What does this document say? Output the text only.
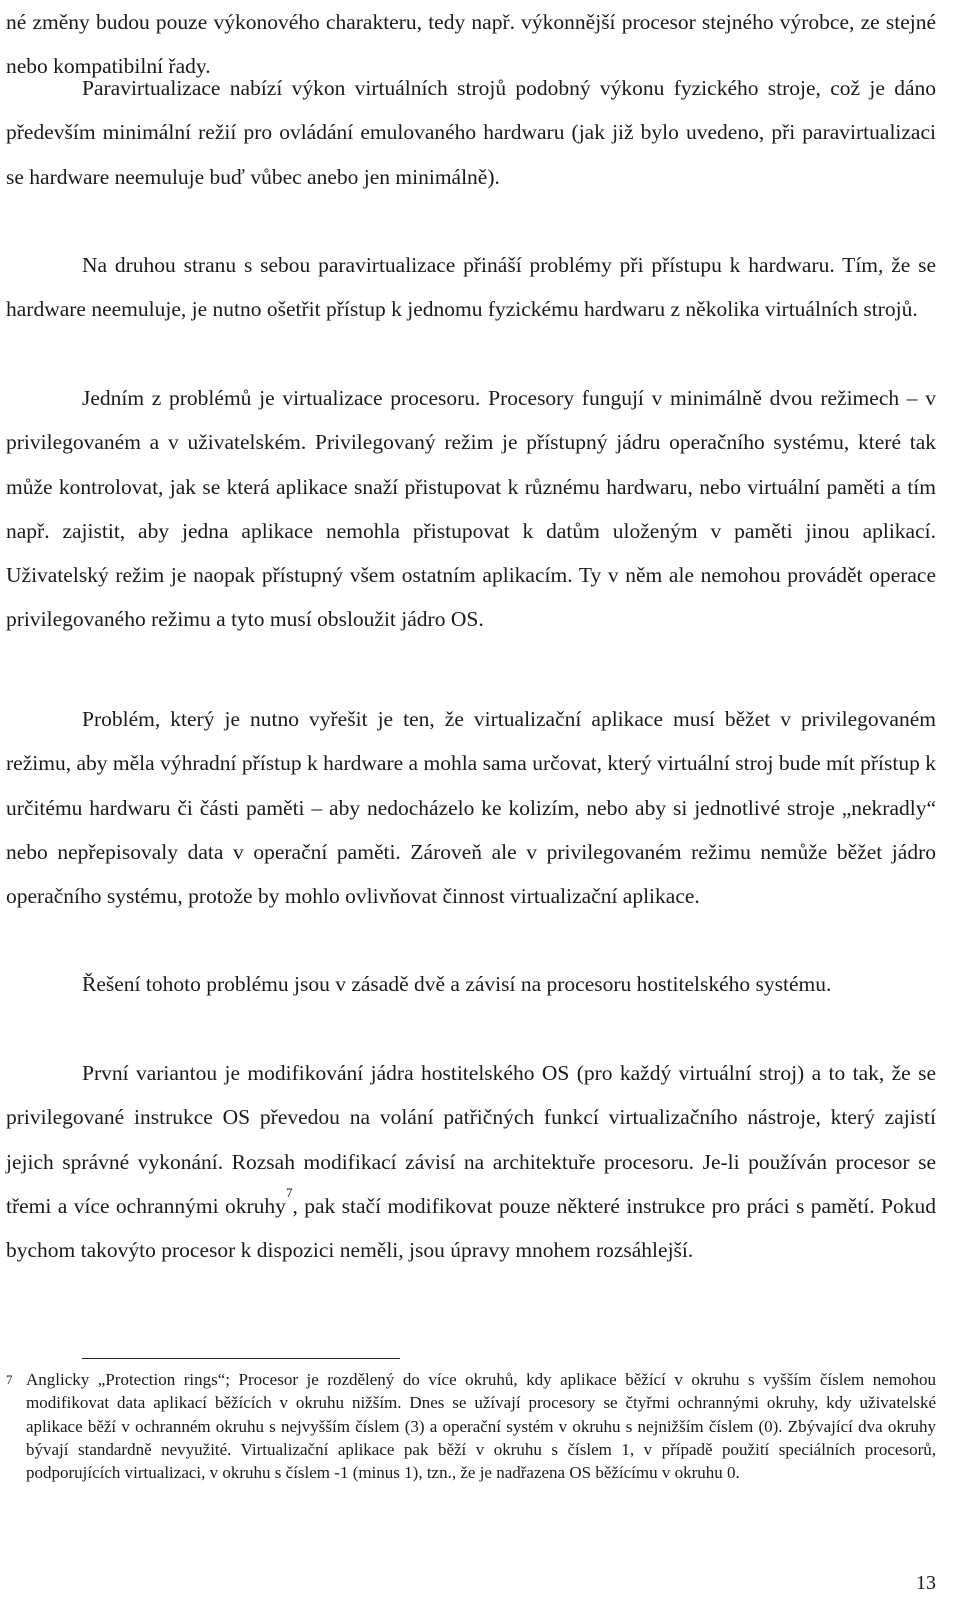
né změny budou pouze výkonového charakteru, tedy např. výkonnější procesor stejného výrobce, ze stejné nebo kompatibilní řady.

Paravirtualizace nabízí výkon virtuálních strojů podobný výkonu fyzického stroje, což je dáno především minimální režií pro ovládání emulovaného hardwaru (jak již bylo uvedeno, při paravirtualizaci se hardware neemuluje buď vůbec anebo jen minimálně).

Na druhou stranu s sebou paravirtualizace přináší problémy při přístupu k hardwaru. Tím, že se hardware neemuluje, je nutno ošetřit přístup k jednomu fyzickému hardwaru z několika virtuálních strojů.

Jedním z problémů je virtualizace procesoru. Procesory fungují v minimálně dvou režimech – v privilegovaném a v uživatelském. Privilegovaný režim je přístupný jádru operačního systému, které tak může kontrolovat, jak se která aplikace snaží přistupovat k různému hardwaru, nebo virtuální paměti a tím např. zajistit, aby jedna aplikace nemohla přistupovat k datům uloženým v paměti jinou aplikací. Uživatelský režim je naopak přístupný všem ostatním aplikacím. Ty v něm ale nemohou provádět operace privilegovaného režimu a tyto musí obsloužit jádro OS.

Problém, který je nutno vyřešit je ten, že virtualizační aplikace musí běžet v privilegovaném režimu, aby měla výhradní přístup k hardware a mohla sama určovat, který virtuální stroj bude mít přístup k určitému hardwaru či části paměti – aby nedocházelo ke kolizím, nebo aby si jednotlivé stroje „nekradly“ nebo nepřepisovaly data v operační paměti. Zároveň ale v privilegovaném režimu nemůže běžet jádro operačního systému, protože by mohlo ovlivňovat činnost virtualizační aplikace.

Řešení tohoto problému jsou v zásadě dvě a závisí na procesoru hostitelského systému.

První variantou je modifikování jádra hostitelského OS (pro každý virtuální stroj) a to tak, že se privilegované instrukce OS převedou na volání patřičných funkcí virtualizačního nástroje, který zajistí jejich správné vykonání. Rozsah modifikací závisí na architektuře procesoru. Je-li používán procesor se třemi a více ochrannými okruhy$^7$, pak stačí modifikovat pouze některé instrukce pro práci s pamětí. Pokud bychom takovýto procesor k dispozici neměli, jsou úpravy mnohem rozsáhlejší.

7 Anglicky „Protection rings“; Procesor je rozdělený do více okruhů, kdy aplikace běžící v okruhu s vyšším číslem nemohou modifikovat data aplikací běžících v okruhu nižším. Dnes se užívají procesory se čtyřmi ochrannými okruhy, kdy uživatelské aplikace běží v ochranném okruhu s nejvyšším číslem (3) a operační systém v okruhu s nejnižším číslem (0). Zbývající dva okruhy bývají standardně nevyužité. Virtualizační aplikace pak běží v okruhu s číslem 1, v případě použití speciálních procesorů, podporujících virtualizaci, v okruhu s číslem -1 (minus 1), tzn., že je nadřazena OS běžícímu v okruhu 0.
13
